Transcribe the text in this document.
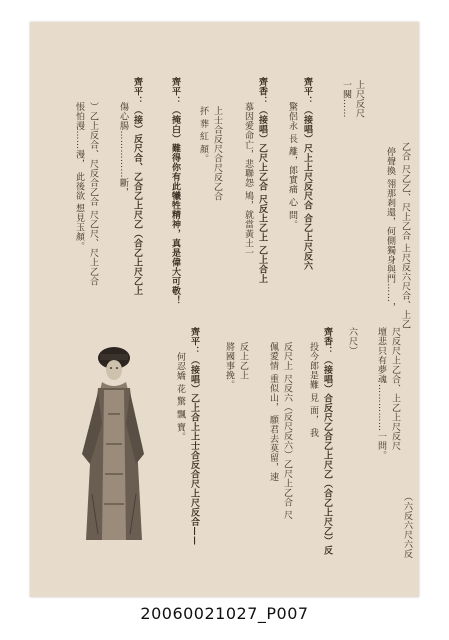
乙合 尺乙乙、尺上乙合 上尺反六尺合、上乙
停聲換 翎那剎還，何側獨身與門……，
上尺反尺
一闋……
齊平：（接唱）尺上上尺反尺合 合乙上尺反六
驚侶永 長 離，郎實痛 心 問。
齊香：（接唱）乙尺上乙合 尺反上乙上 乙上合上
慕因愛命亡，悲聯怨 鳩，就當黃土一
上士合反尺合尺反乙合
抔 葬 紅 顏。
齊平：（掩白）難得你有此犧牲精神，真是偉大可敬！
齊平：（接）反尺合、乙合乙上尺乙（合乙上尺乙上
傷心腸……………斷，
）乙上反合、尺反合乙合 尺乙尺、尺上乙合
悵怕漫……漫， 此後欲 想見玉顏。
尺反尺上乙合、上乙上尺反尺
壇悲只有夢魂……………一問。
（六反六尺六反
六尺）
齊香：（接唱）合反尺乙合乙上尺乙（合乙上尺乙）反
投今郎是難 見 面， 我
反尺上 尺反六（反尺反六）乙尺上乙合 尺
佩愛情 重似山， 願君去莫留，速
反上乙上
將國事挽。
齊平：（接唱）乙上合上上士合反合尺上尺反合——
何忍嬌 花 驚 飄 寶。
20060021027_P007
